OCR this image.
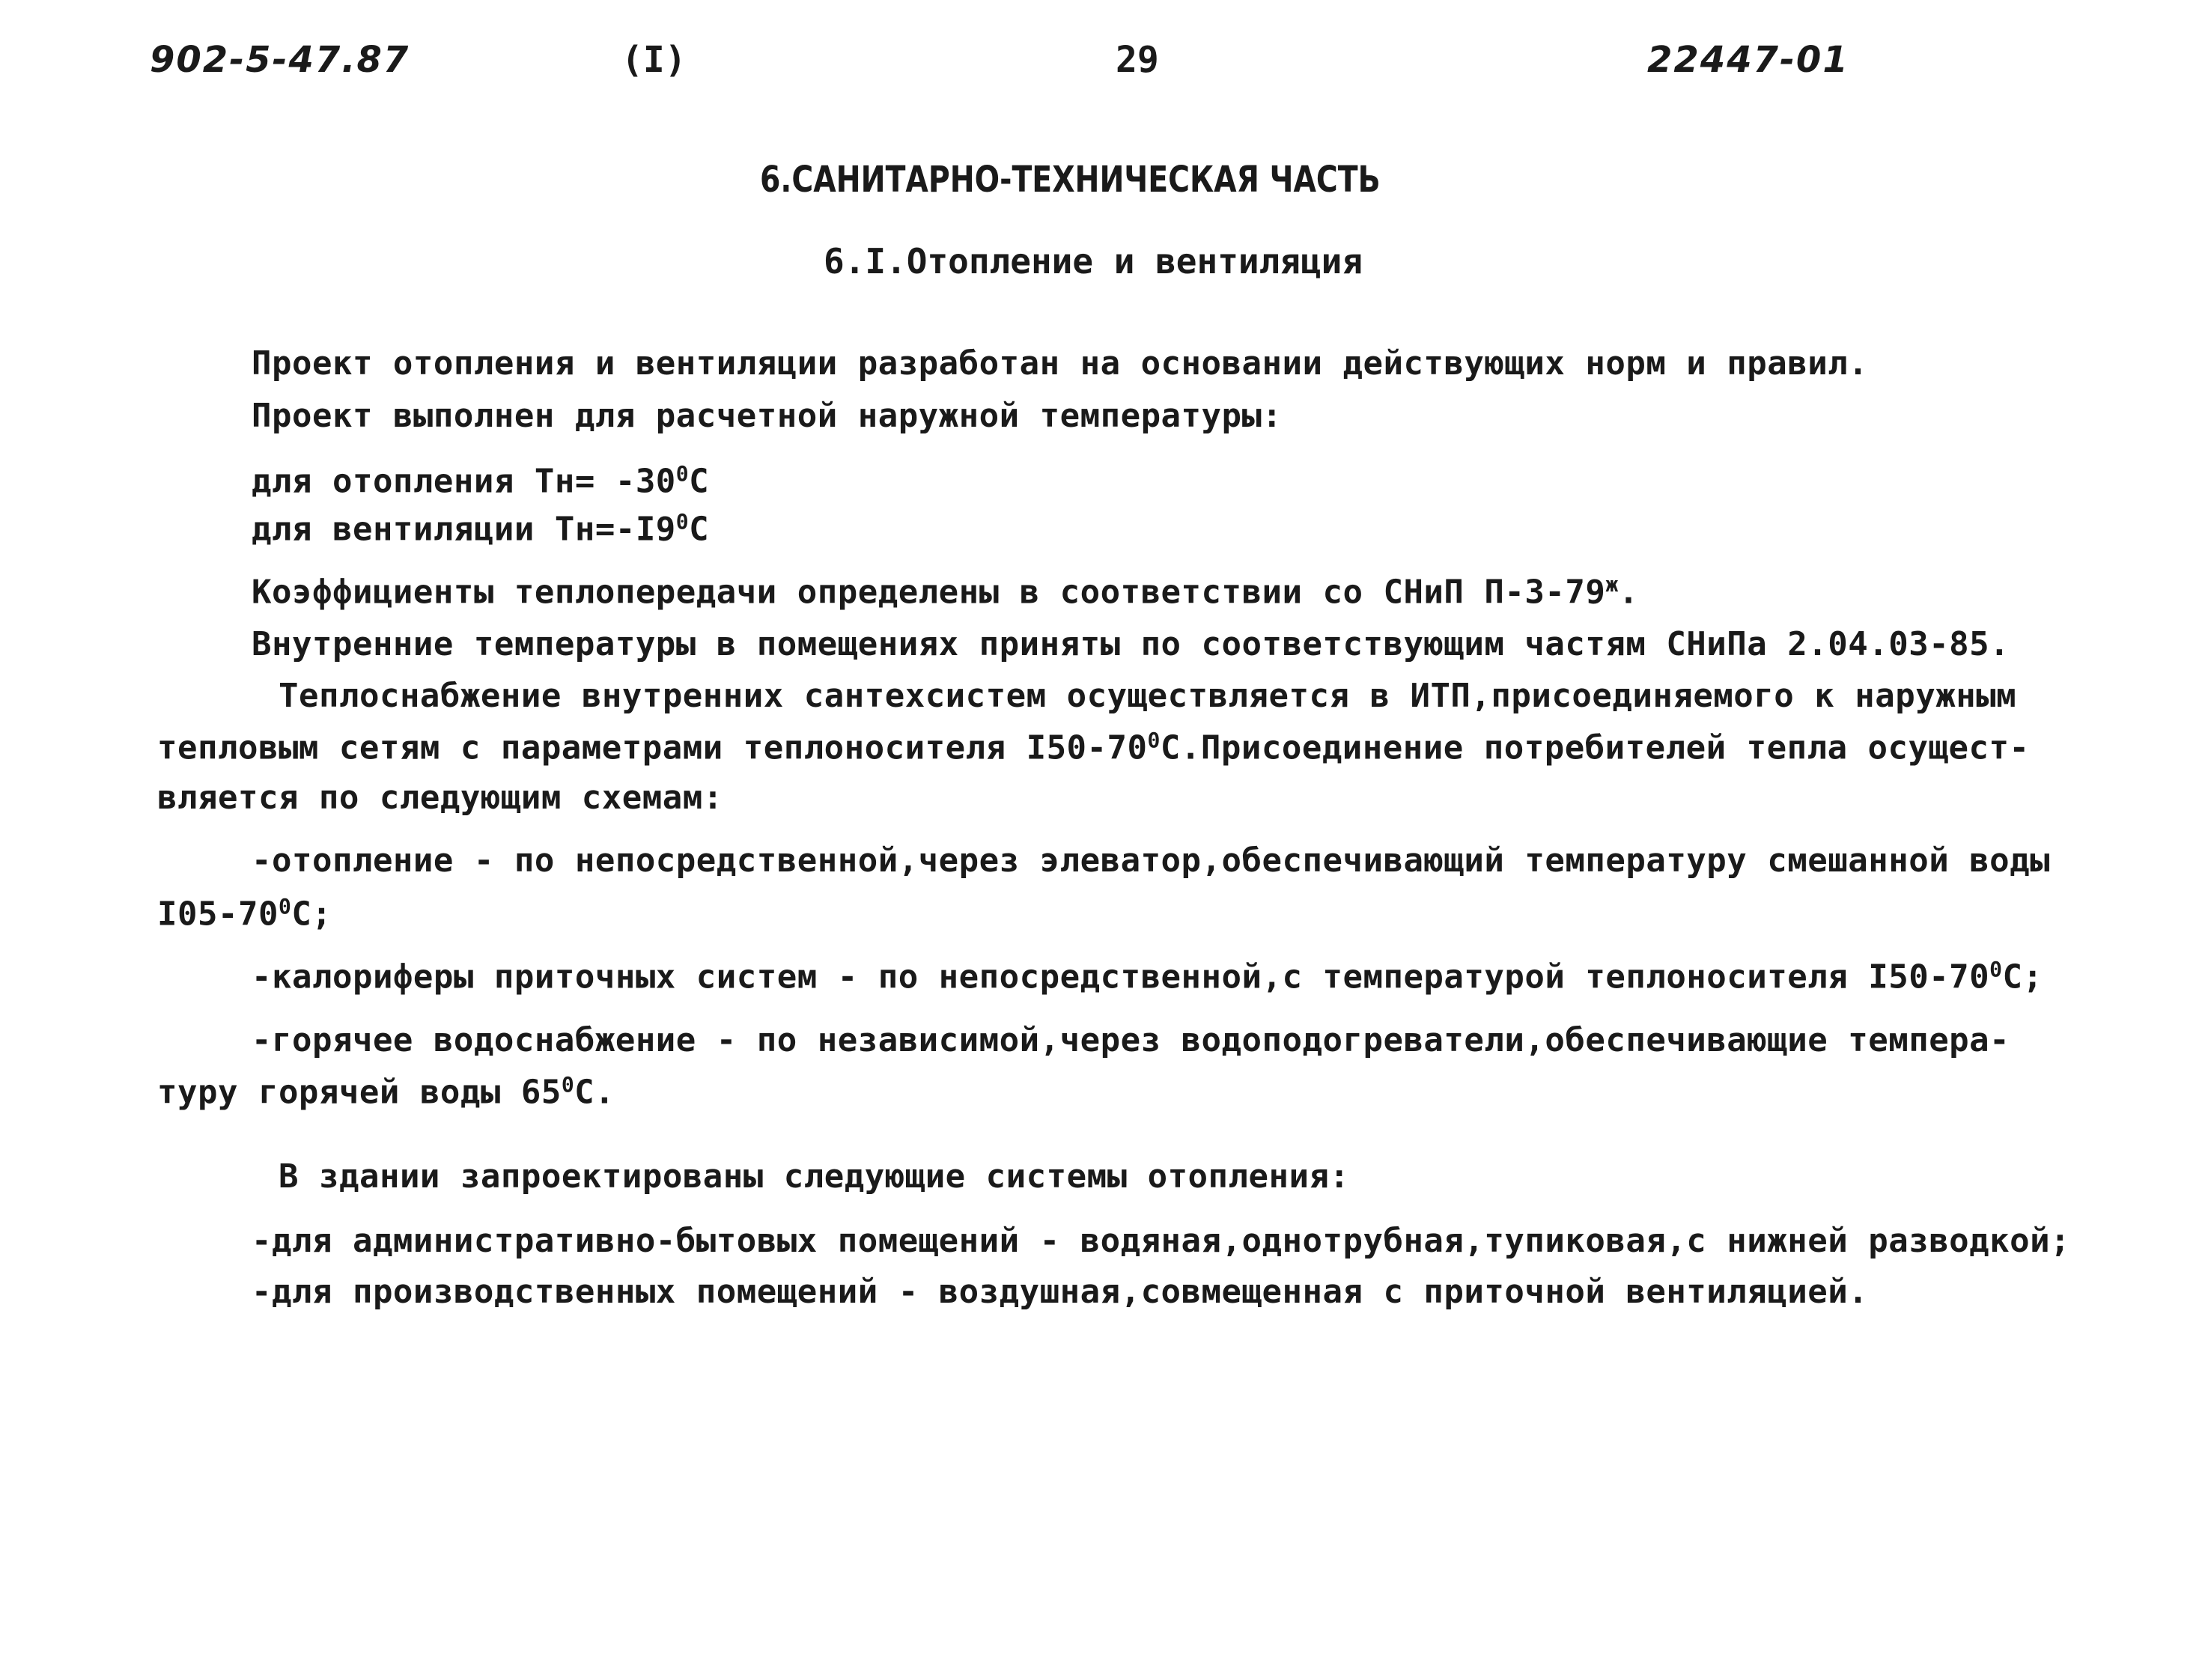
902-5-47.87	(I)	29	22447-01
6.САНИТАРНО-ТЕХНИЧЕСКАЯ ЧАСТЬ
6.I.Отопление и вентиляция
Проект отопления и вентиляции разработан на основании действующих норм и правил.
Проект выполнен для расчетной наружной температуры:
для отопления $Тн= -30^0С$
для вентиляции $Тн=-I9^0С$
Коэффициенты теплопередачи определены в соответствии со СНиП $П-3-79^ж$.
Внутренние температуры в помещениях приняты по соответствующим частям СНиПа 2.04.03-85.
Теплоснабжение внутренних сантехсистем осуществляется в ИТП,присоединяемого к наружным
тепловым сетям с параметрами теплоносителя $I50-70^0С.Присоединение$ потребителей тепла осущест-
вляется по следующим схемам:
-отопление - по непосредственной,через элеватор,обеспечивающий температуру смешанной воды
$I05-70^0С$;
-калориферы приточных систем - по непосредственной,с температурой теплоносителя $I50-70^0С$;
-горячее водоснабжение - по независимой,через водоподогреватели,обеспечивающие темпера-
туру горячей воды $65^0С$.
В здании запроектированы следующие системы отопления:
-для административно-бытовых помещений - водяная,однотрубная,тупиковая,с нижней разводкой;
-для производственных помещений - воздушная,совмещенная с приточной вентиляцией.
